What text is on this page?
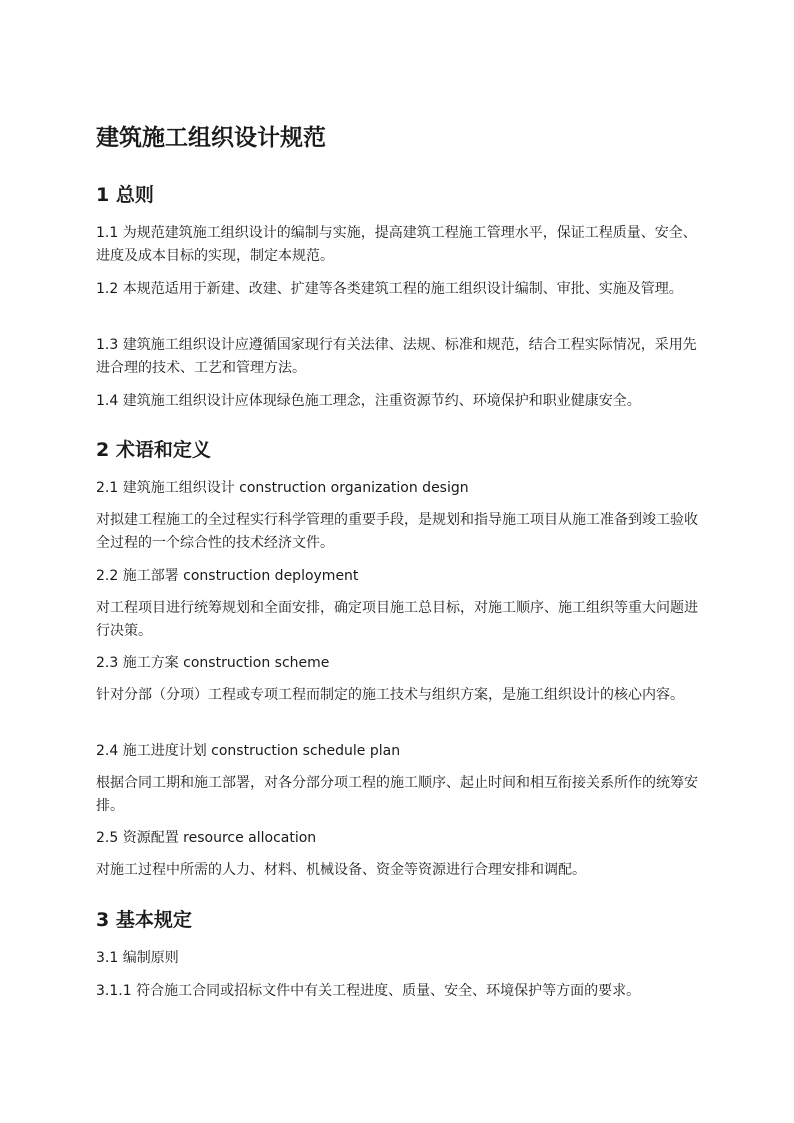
建筑施工组织设计规范
1 总则

1.1 为规范建筑施工组织设计的编制与实施，提高建筑工程施工管理水平，保证工程质量、安全、进度及成本目标的实现，制定本规范。

1.2 本规范适用于新建、改建、扩建等各类建筑工程的施工组织设计编制、审批、实施及管理。

1.3 建筑施工组织设计应遵循国家现行有关法律、法规、标准和规范，结合工程实际情况，采用先进合理的技术、工艺和管理方法。

1.4 建筑施工组织设计应体现绿色施工理念，注重资源节约、环境保护和职业健康安全。

2 术语和定义

2.1 建筑施工组织设计 construction organization design

对拟建工程施工的全过程实行科学管理的重要手段，是规划和指导施工项目从施工准备到竣工验收全过程的一个综合性的技术经济文件。

2.2 施工部署 construction deployment

对工程项目进行统筹规划和全面安排，确定项目施工总目标，对施工顺序、施工组织等重大问题进行决策。

2.3 施工方案 construction scheme

针对分部（分项）工程或专项工程而制定的施工技术与组织方案，是施工组织设计的核心内容。

2.4 施工进度计划 construction schedule plan

根据合同工期和施工部署，对各分部分项工程的施工顺序、起止时间和相互衔接关系所作的统筹安排。

2.5 资源配置 resource allocation

对施工过程中所需的人力、材料、机械设备、资金等资源进行合理安排和调配。

3 基本规定

3.1 编制原则

3.1.1 符合施工合同或招标文件中有关工程进度、质量、安全、环境保护等方面的要求。
